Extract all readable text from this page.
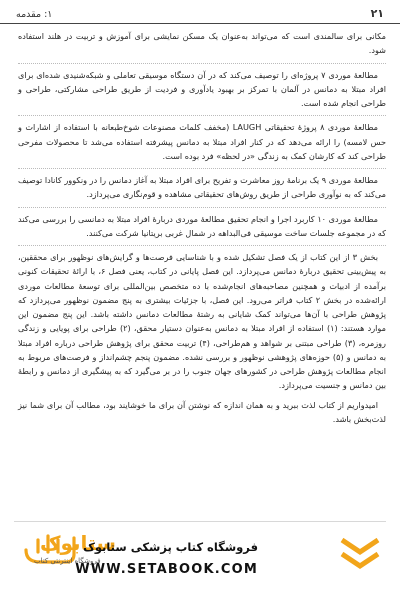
۲۱
۱: مقدمه

مکانی برای سالمندی است که می‌تواند به‌عنوان یک مسکن نمایشی برای آموزش و تربیت در هلند استفاده شود.

مطالعهٔ موردی ۷ پروژه‌ای را توصیف می‌کند که در آن دستگاه موسیقی تعاملی و شبکه‌شنیدی شده‌ای برای افراد مبتلا به دمانس در آلمان با تمرکز بر بهبود یادآوری و فردیت از طریق طراحی مشارکتی، طراحی و طراحی انجام شده است.

مطالعهٔ موردی ۸ پروژهٔ تحقیقاتی LAUGH (مخفف کلمات مصنوعات شوخ‌طبعانه با استفاده از اشارات و حس لامسه) را ارائه می‌دهد که در کنار افراد مبتلا به دمانس پیشرفته استفاده می‌شد تا محصولات مفرحی طراحی کند که کارشان کمک به زندگی «در لحظه» فرد بوده است.

مطالعهٔ موردی ۹ یک برنامهٔ روز معاشرت و تفریح برای افراد مبتلا به آغاز دمانس را در ونکوور کانادا توصیف می‌کند که به نوآوری طراحی از طریق روش‌های تحقیقاتی مشاهده و قوم‌نگاری می‌پردازد.

مطالعهٔ موردی ۱۰ کاربرد اجرا و انجام تحقیق مطالعهٔ موردی دربارهٔ افراد مبتلا به دمانسی را بررسی می‌کند که در مجموعه جلسات ساخت موسیقی فی‌البداهه در شمال غربی بریتانیا شرکت می‌کنند.

بخش ۳ از این کتاب از یک فصل تشکیل شده و با شناسایی فرصت‌ها و گرایش‌های نوظهور برای محققین، به پیش‌بینی تحقیق دربارهٔ دمانس می‌پردازد. این فصل پایانی در کتاب، یعنی فصل ۶، با ارائهٔ تحقیقات کنونی برآمده از ادبیات و همچنین مصاحبه‌های انجام‌شده با ده متخصص بین‌المللی برای توسعهٔ مطالعات موردی ارائه‌شده در بخش ۲ کتاب فراتر می‌رود. این فصل، با جزئیات بیشتری به پنج مضمون نوظهور می‌پردازد که پژوهش طراحی با آن‌ها می‌تواند کمک شایانی به رشتهٔ مطالعات دمانس داشته باشد. این پنج مضمون این موارد هستند: (۱) استفاده از افراد مبتلا به دمانس به‌عنوان دستیار محقق، (۲) طراحی برای پویایی و زندگی روزمره، (۳) طراحی مبتنی بر شواهد و هم‌طراحی، (۴) تربیت محقق برای پژوهش طراحی درباره افراد مبتلا به دمانس و (۵) حوزه‌های پژوهشی نوظهور و بررسی نشده. مضمون پنجم چشم‌انداز و فرصت‌های مربوط به انجام مطالعات پژوهش طراحی در کشورهای جهان جنوب را در بر می‌گیرد که به پیشگیری از دمانس و رابطهٔ بین دمانس و جنسیت می‌پردازد.

امیدواریم از کتاب لذت ببرید و به همان اندازه که نوشتن آن برای ما خوشایند بود، مطالب آن برای شما نیز لذت‌بخش باشد.

ستابوک
فروشگاه اینترنتی کتاب
فروشگاه کتاب پزشکی ستابوک
WWW.SETABOOK.COM
